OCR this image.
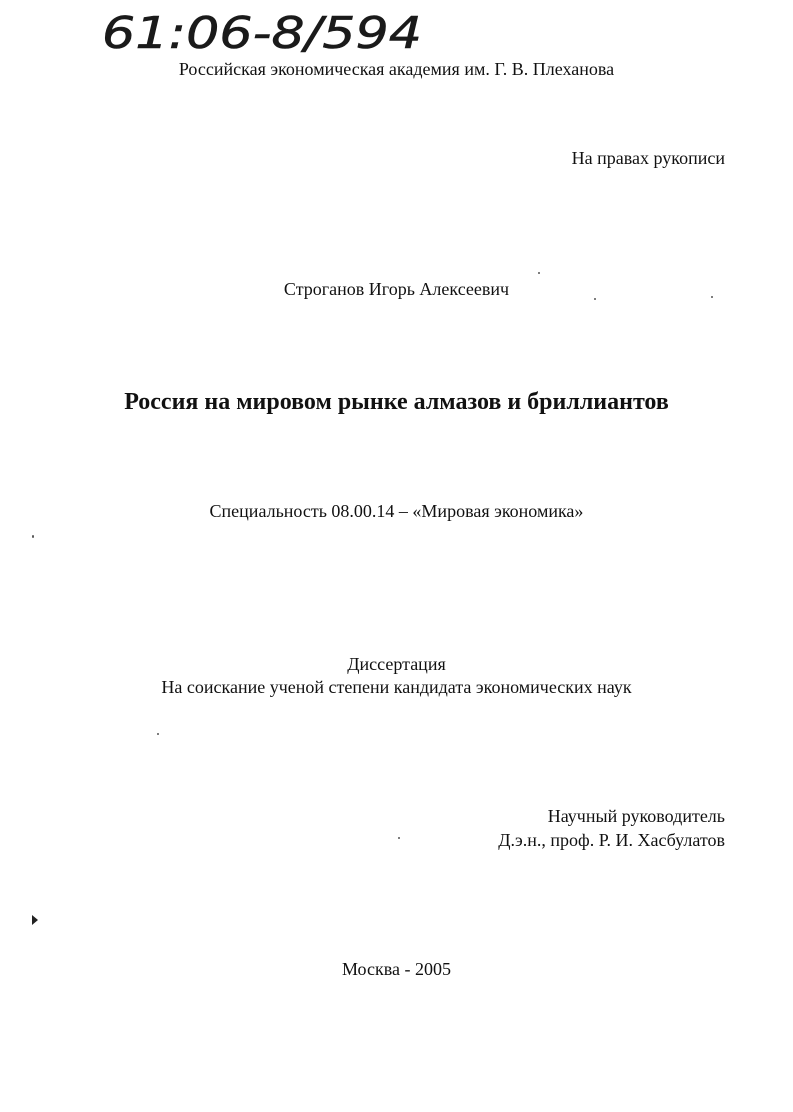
61:06-8/594
Российская экономическая академия им. Г. В. Плеханова
На правах рукописи
Строганов Игорь Алексеевич
Россия на мировом рынке алмазов и бриллиантов
Специальность 08.00.14 – «Мировая экономика»
Диссертация
На соискание ученой степени кандидата экономических наук
Научный руководитель
Д.э.н., проф. Р. И. Хасбулатов
Москва - 2005
